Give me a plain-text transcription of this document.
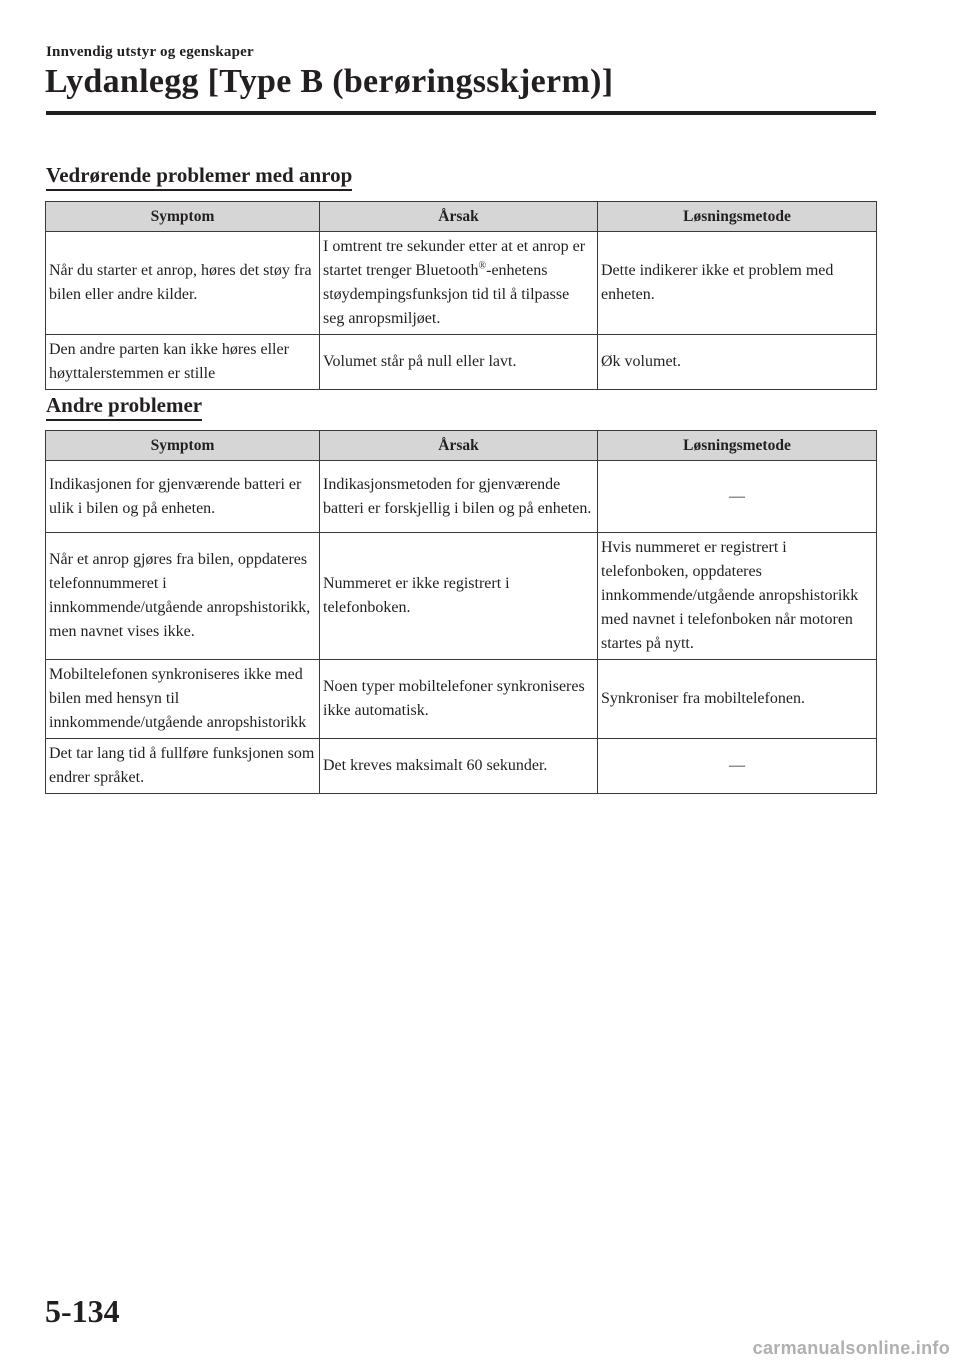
Innvendig utstyr og egenskaper
Lydanlegg [Type B (berøringsskjerm)]
Vedrørende problemer med anrop
Symptom	Årsak	Løsningsmetode
Når du starter et anrop, høres det støy fra bilen eller andre kilder.	I omtrent tre sekunder etter at et anrop er startet trenger Bluetooth®-enhetens støydempingsfunksjon tid til å tilpasse seg anropsmiljøet.	Dette indikerer ikke et problem med enheten.
Den andre parten kan ikke høres eller høyttalerstemmen er stille	Volumet står på null eller lavt.	Øk volumet.
Andre problemer
Symptom	Årsak	Løsningsmetode
Indikasjonen for gjenværende batteri er ulik i bilen og på enheten.	Indikasjonsmetoden for gjenværende batteri er forskjellig i bilen og på enheten.	—
Når et anrop gjøres fra bilen, oppdateres telefonnummeret i innkommende/utgående anropshistorikk, men navnet vises ikke.	Nummeret er ikke registrert i telefonboken.	Hvis nummeret er registrert i telefonboken, oppdateres innkommende/utgående anropshistorikk med navnet i telefonboken når motoren startes på nytt.
Mobiltelefonen synkroniseres ikke med bilen med hensyn til innkommende/utgående anropshistorikk	Noen typer mobiltelefoner synkroniseres ikke automatisk.	Synkroniser fra mobiltelefonen.
Det tar lang tid å fullføre funksjonen som endrer språket.	Det kreves maksimalt 60 sekunder.	—
5-134
carmanualsonline.info
